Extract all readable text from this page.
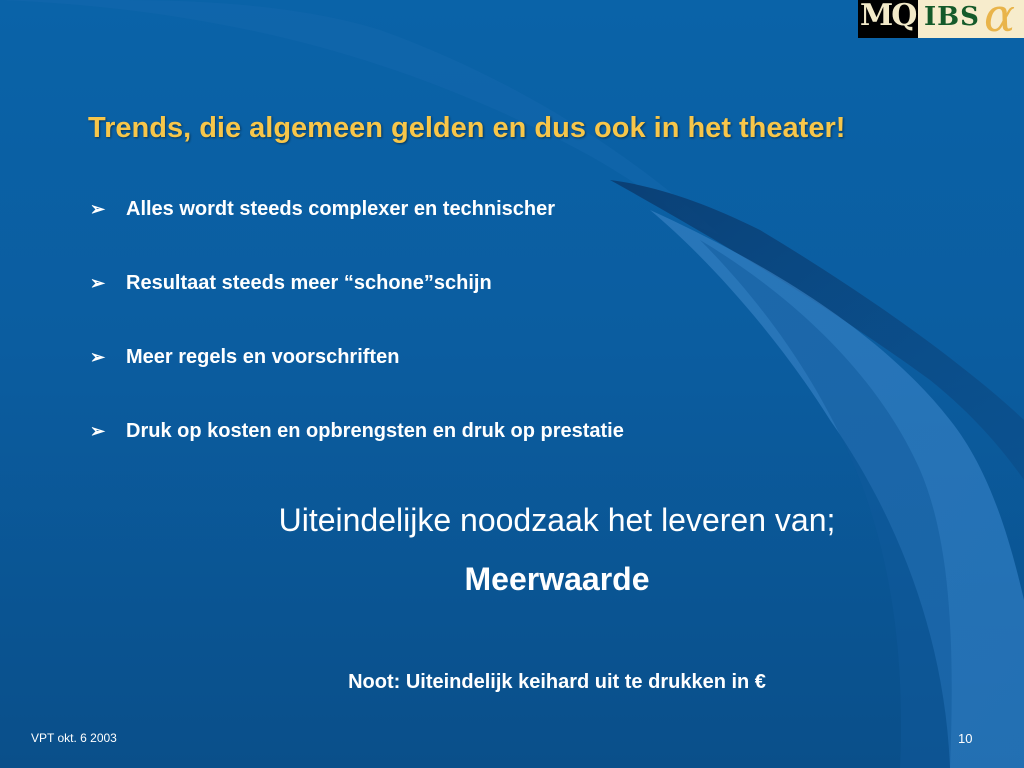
MQ IBS α
Trends, die algemeen gelden en dus ook in het theater!
➢ Alles wordt steeds complexer en technischer
➢ Resultaat steeds meer “schone”schijn
➢ Meer regels en voorschriften
➢ Druk op kosten en opbrengsten en druk op prestatie
Uiteindelijke noodzaak het leveren van;
Meerwaarde
Noot: Uiteindelijk keihard uit te drukken in €
VPT okt. 6 2003	10
